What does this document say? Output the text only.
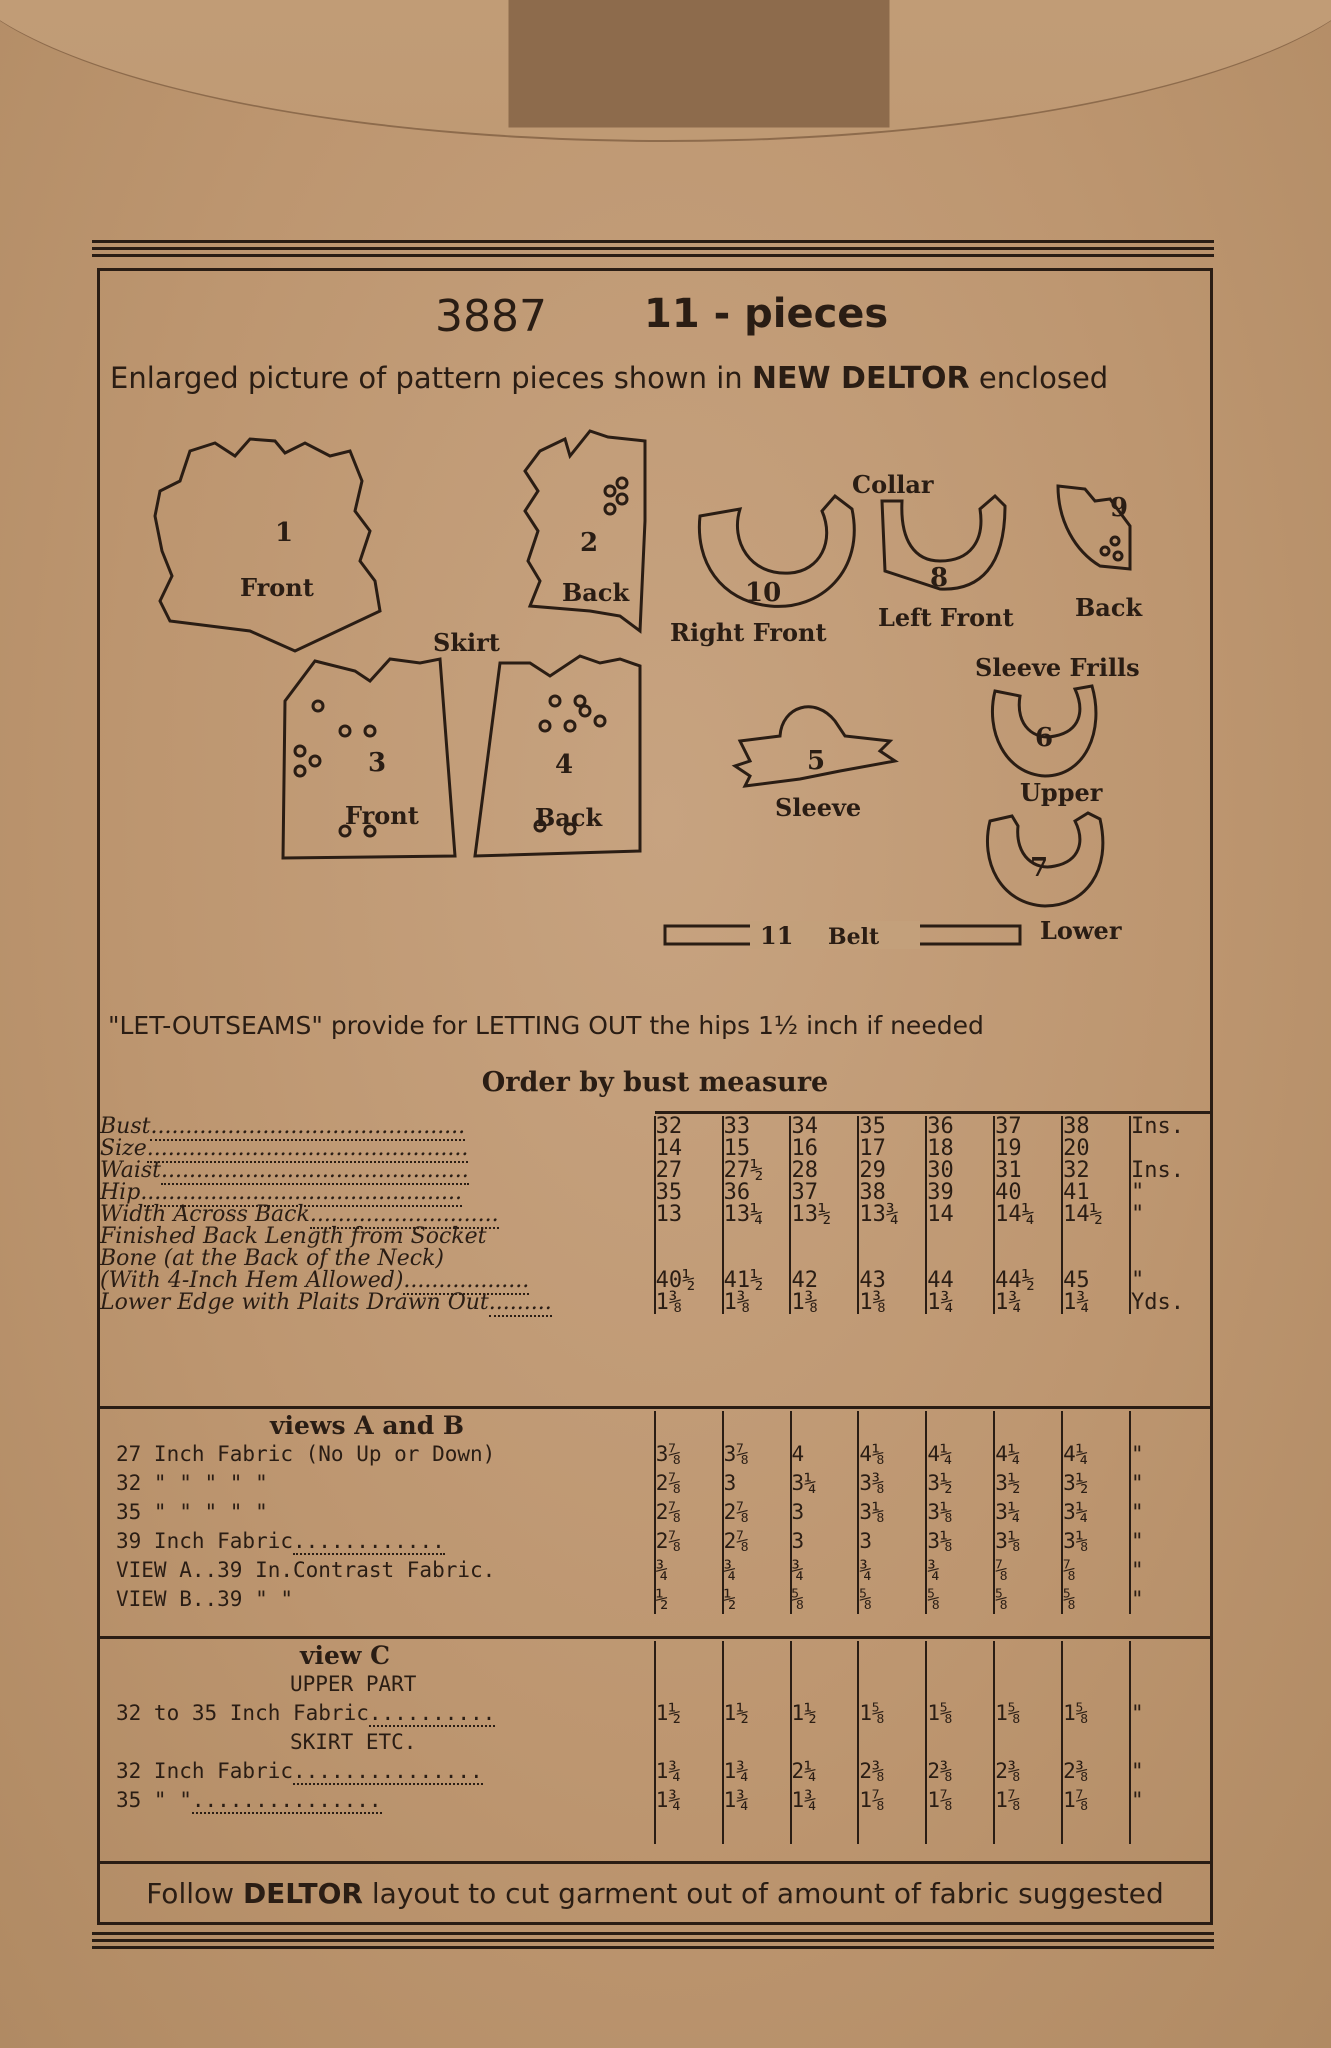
3887 11 - pieces
Enlarged picture of pattern pieces shown in NEW DELTOR enclosed
1
Front
2
Back
Skirt
3
Front
4
Back
Collar
10
Right Front
8
Left Front
9
Back
5
Sleeve
Sleeve Frills
6
Upper
7
Lower
11 Belt
"LET-OUTSEAMS" provide for LETTING OUT the hips 1½ inch if needed
Order by bust measure
Bust.............................................	32	33	34	35	36	37	38	Ins.
Size..............................................	14	15	16	17	18	19	20	
Waist............................................	27	27½	28	29	30	31	32	Ins.
Hip..............................................	35	36	37	38	39	40	41	"
Width Across Back...........................	13	13¼	13½	13¾	14	14¼	14½	"
Finished Back Length from Socket								
Bone (at the Back of the Neck)								
(With 4-Inch Hem Allowed)..................	40½	41½	42	43	44	44½	45	"
Lower Edge with Plaits Drawn Out.........	1⅜	1⅜	1⅜	1⅜	1¾	1¾	1¾	Yds.
views A and B								
27 Inch Fabric (No Up or Down)	3⅞	3⅞	4	4⅛	4¼	4¼	4¼	"
32 " " " " "	2⅞	3	3¼	3⅜	3½	3½	3½	"
35 " " " " "	2⅞	2⅞	3	3⅛	3⅛	3¼	3¼	"
39 Inch Fabric............	2⅞	2⅞	3	3	3⅛	3⅛	3⅛	"
VIEW A..39 In.Contrast Fabric.	¾	¾	¾	¾	¾	⅞	⅞	"
VIEW B..39 " "	½	½	⅝	⅝	⅝	⅝	⅝	"
view C								
UPPER PART								
32 to 35 Inch Fabric..........	1½	1½	1½	1⅝	1⅝	1⅝	1⅝	"
SKIRT ETC.								
32 Inch Fabric...............	1¾	1¾	2¼	2⅜	2⅜	2⅜	2⅜	"
35 " "...............	1¾	1¾	1¾	1⅞	1⅞	1⅞	1⅞	"

Follow DELTOR layout to cut garment out of amount of fabric suggested
